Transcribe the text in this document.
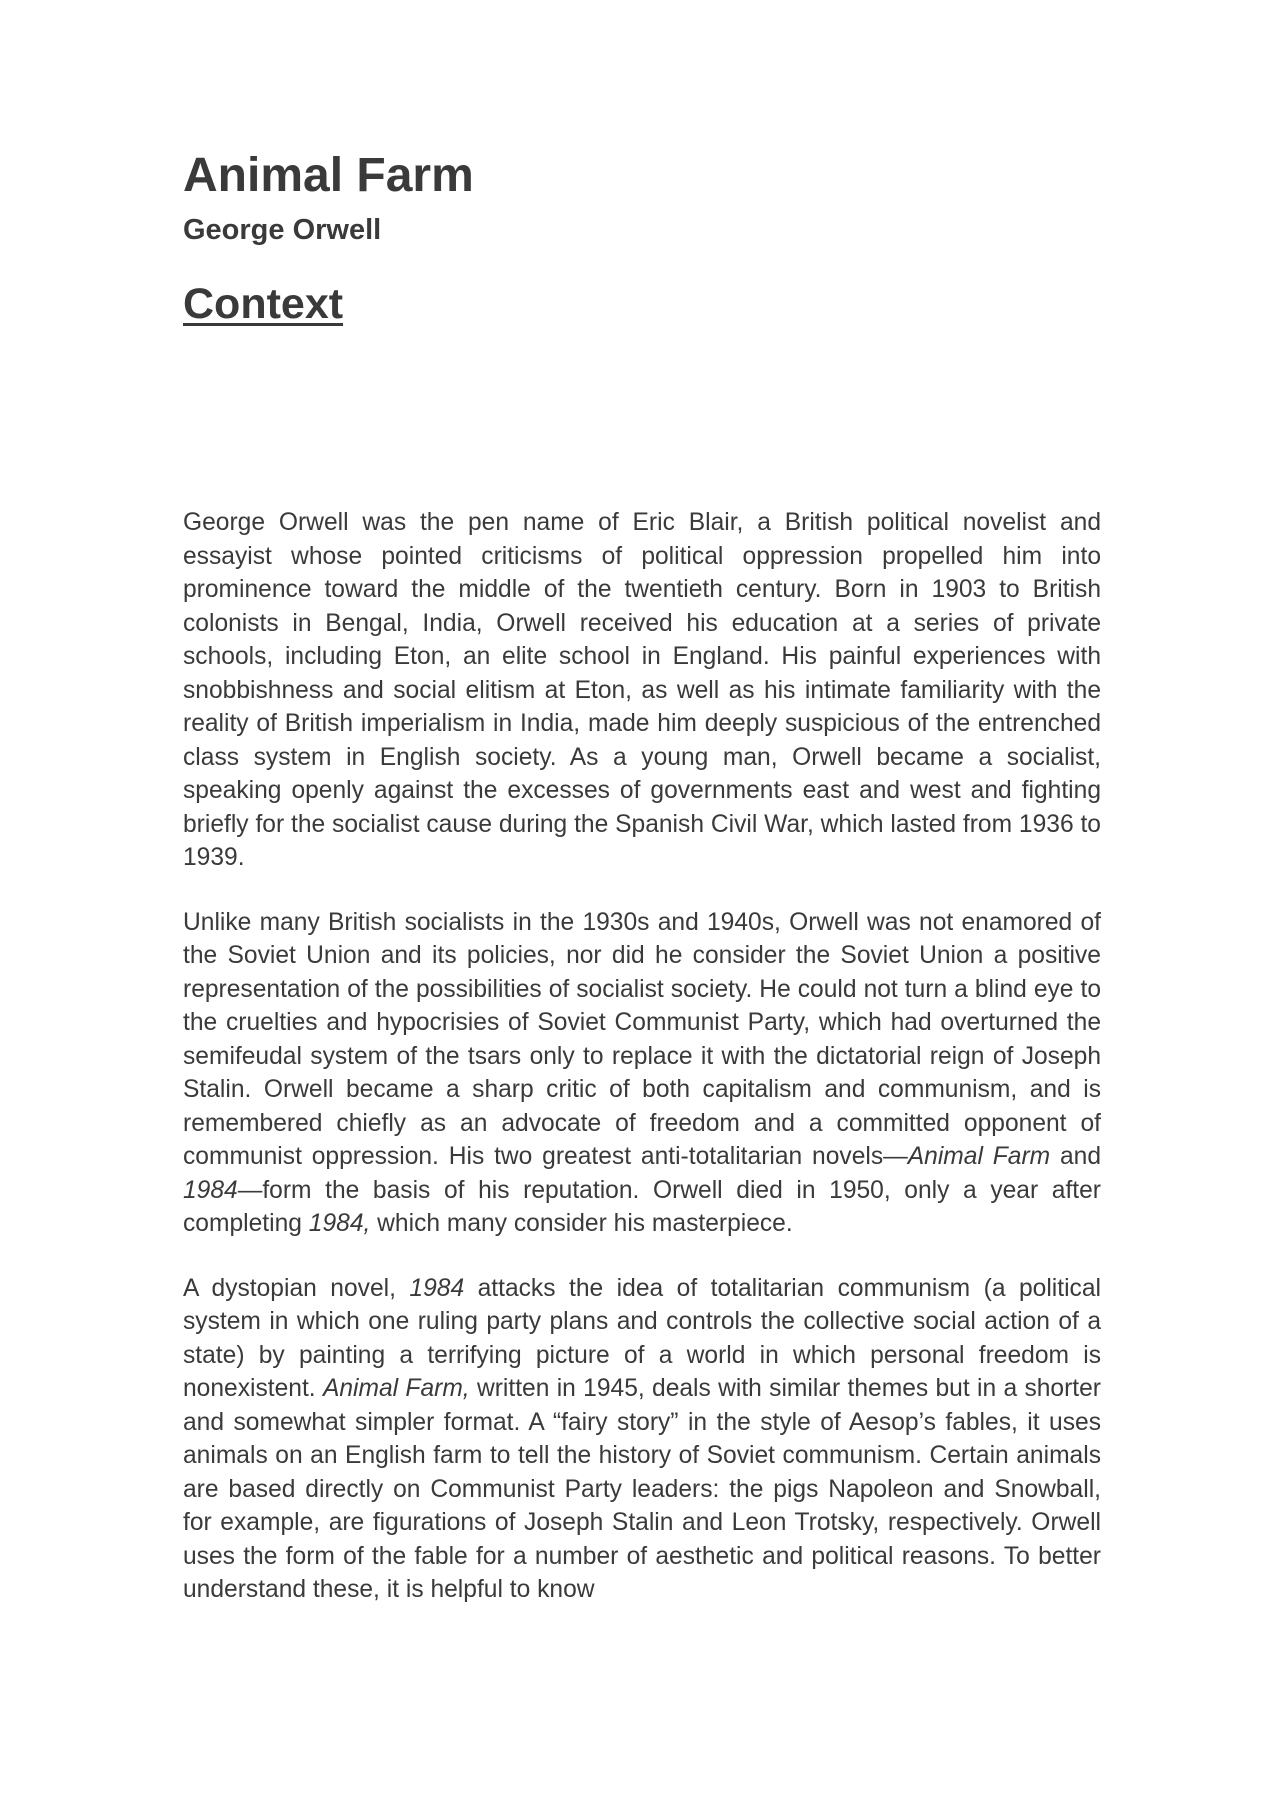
Animal Farm
George Orwell
Context

George Orwell was the pen name of Eric Blair, a British political novelist and essayist whose pointed criticisms of political oppression propelled him into prominence toward the middle of the twentieth century. Born in 1903 to British colonists in Bengal, India, Orwell received his education at a series of private schools, including Eton, an elite school in England. His painful experiences with snobbishness and social elitism at Eton, as well as his intimate familiarity with the reality of British imperialism in India, made him deeply suspicious of the entrenched class system in English society. As a young man, Orwell became a socialist, speaking openly against the excesses of governments east and west and fighting briefly for the socialist cause during the Spanish Civil War, which lasted from 1936 to 1939.

Unlike many British socialists in the 1930s and 1940s, Orwell was not enamored of the Soviet Union and its policies, nor did he consider the Soviet Union a positive representation of the possibilities of socialist society. He could not turn a blind eye to the cruelties and hypocrisies of Soviet Communist Party, which had overturned the semifeudal system of the tsars only to replace it with the dictatorial reign of Joseph Stalin. Orwell became a sharp critic of both capitalism and communism, and is remembered chiefly as an advocate of freedom and a committed opponent of communist oppression. His two greatest anti-totalitarian novels—Animal Farm and 1984—form the basis of his reputation. Orwell died in 1950, only a year after completing 1984, which many consider his masterpiece.

A dystopian novel, 1984 attacks the idea of totalitarian communism (a political system in which one ruling party plans and controls the collective social action of a state) by painting a terrifying picture of a world in which personal freedom is nonexistent. Animal Farm, written in 1945, deals with similar themes but in a shorter and somewhat simpler format. A “fairy story” in the style of Aesop’s fables, it uses animals on an English farm to tell the history of Soviet communism. Certain animals are based directly on Communist Party leaders: the pigs Napoleon and Snowball, for example, are figurations of Joseph Stalin and Leon Trotsky, respectively. Orwell uses the form of the fable for a number of aesthetic and political reasons. To better understand these, it is helpful to know
